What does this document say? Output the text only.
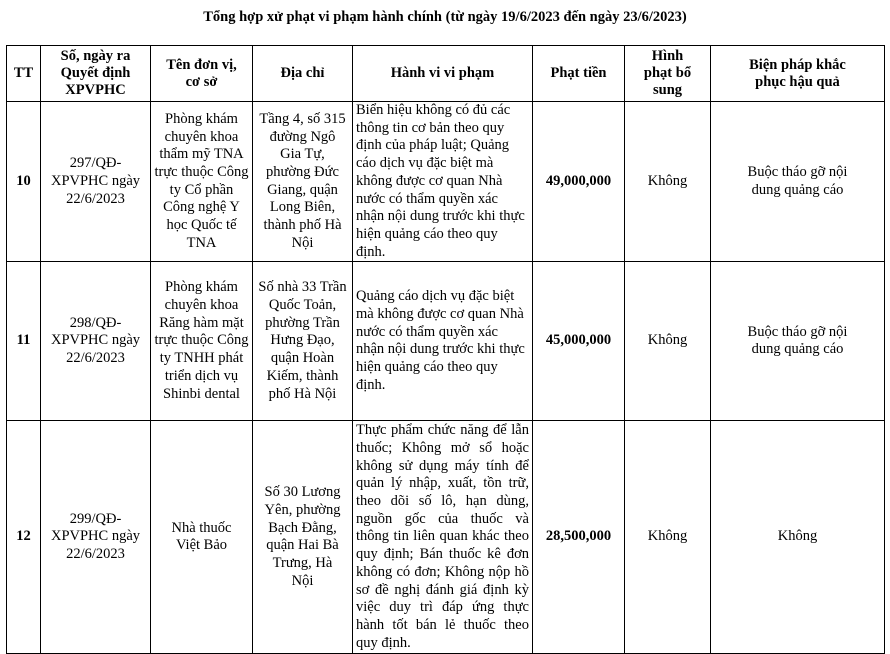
Tổng hợp xử phạt vi phạm hành chính (từ ngày 19/6/2023 đến ngày 23/6/2023)
TT	Số, ngày ra Quyết định XPVPHC	Tên đơn vị, cơ sở	Địa chỉ	Hành vi vi phạm	Phạt tiền	Hình phạt bổ sung	Biện pháp khắc phục hậu quả
10	297/QĐ-XPVPHC ngày 22/6/2023	Phòng khám chuyên khoa thẩm mỹ TNA trực thuộc Công ty Cổ phần Công nghệ Y học Quốc tế TNA	Tầng 4, số 315 đường Ngô Gia Tự, phường Đức Giang, quận Long Biên, thành phố Hà Nội	Biển hiệu không có đủ các thông tin cơ bản theo quy định của pháp luật; Quảng cáo dịch vụ đặc biệt mà không được cơ quan Nhà nước có thẩm quyền xác nhận nội dung trước khi thực hiện quảng cáo theo quy định.	49,000,000	Không	Buộc tháo gỡ nội dung quảng cáo
11	298/QĐ-XPVPHC ngày 22/6/2023	Phòng khám chuyên khoa Răng hàm mặt trực thuộc Công ty TNHH phát triển dịch vụ Shinbi dental	Số nhà 33 Trần Quốc Toản, phường Trần Hưng Đạo, quận Hoàn Kiếm, thành phố Hà Nội	Quảng cáo dịch vụ đặc biệt mà không được cơ quan Nhà nước có thẩm quyền xác nhận nội dung trước khi thực hiện quảng cáo theo quy định.	45,000,000	Không	Buộc tháo gỡ nội dung quảng cáo
12	299/QĐ-XPVPHC ngày 22/6/2023	Nhà thuốc Việt Bảo	Số 30 Lương Yên, phường Bạch Đằng, quận Hai Bà Trưng, Hà Nội	Thực phẩm chức năng để lẫn thuốc; Không mở sổ hoặc không sử dụng máy tính để quản lý nhập, xuất, tồn trữ, theo dõi số lô, hạn dùng, nguồn gốc của thuốc và thông tin liên quan khác theo quy định; Bán thuốc kê đơn không có đơn; Không nộp hồ sơ đề nghị đánh giá định kỳ việc duy trì đáp ứng thực hành tốt bán lẻ thuốc theo quy định.	28,500,000	Không	Không
